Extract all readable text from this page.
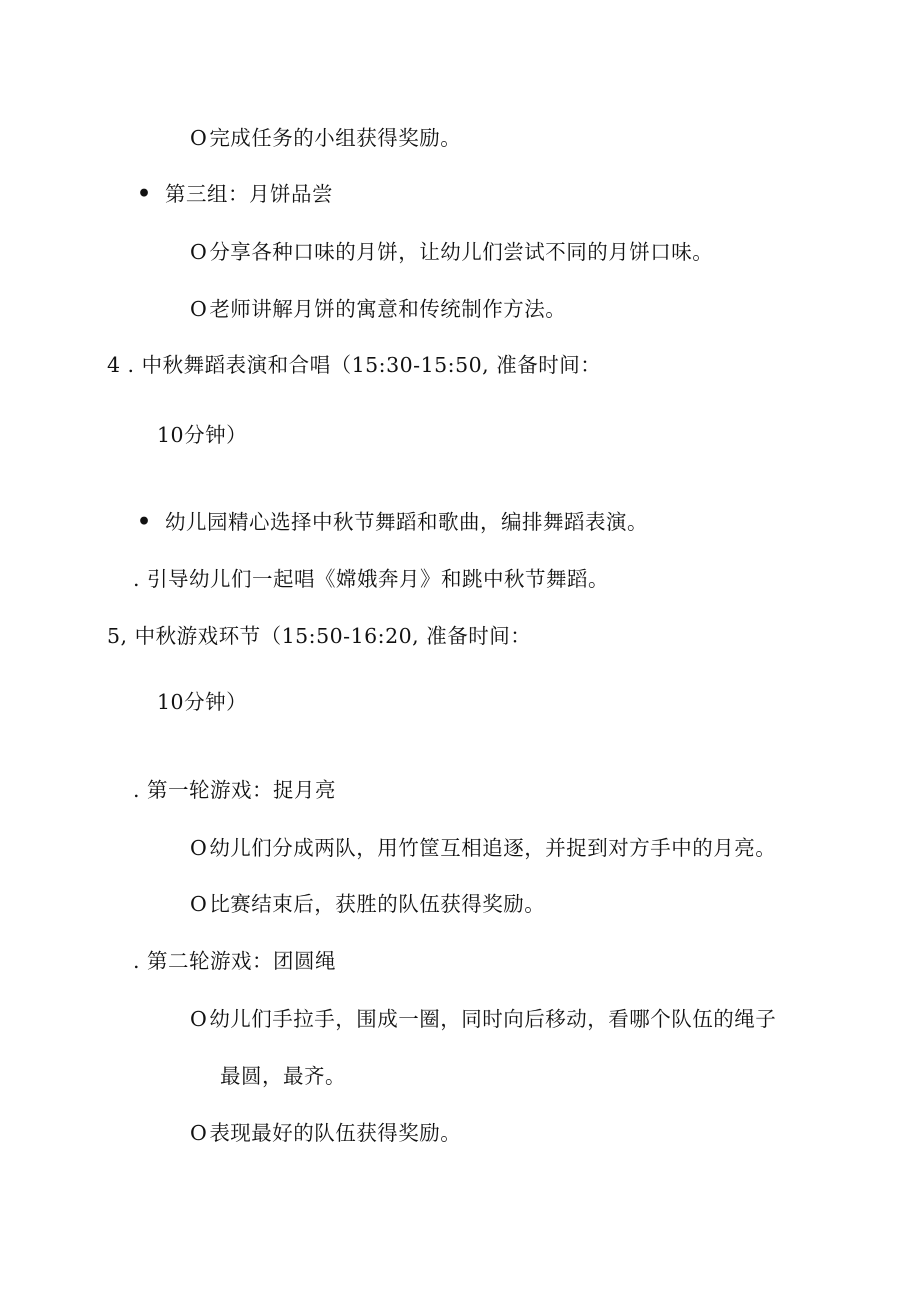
O完成任务的小组获得奖励。
• 第三组：月饼品尝
O分享各种口味的月饼，让幼儿们尝试不同的月饼口味。
O老师讲解月饼的寓意和传统制作方法。
4 . 中秋舞蹈表演和合唱（15:30-15:50, 准备时间：
10分钟）
• 幼儿园精心选择中秋节舞蹈和歌曲，编排舞蹈表演。
. 引导幼儿们一起唱《嫦娥奔月》和跳中秋节舞蹈。
5, 中秋游戏环节（15:50-16:20, 准备时间：
10分钟）
. 第一轮游戏：捉月亮
O幼儿们分成两队，用竹筐互相追逐，并捉到对方手中的月亮。
O比赛结束后，获胜的队伍获得奖励。
. 第二轮游戏：团圆绳
O幼儿们手拉手，围成一圈，同时向后移动，看哪个队伍的绳子
最圆，最齐。
O表现最好的队伍获得奖励。
